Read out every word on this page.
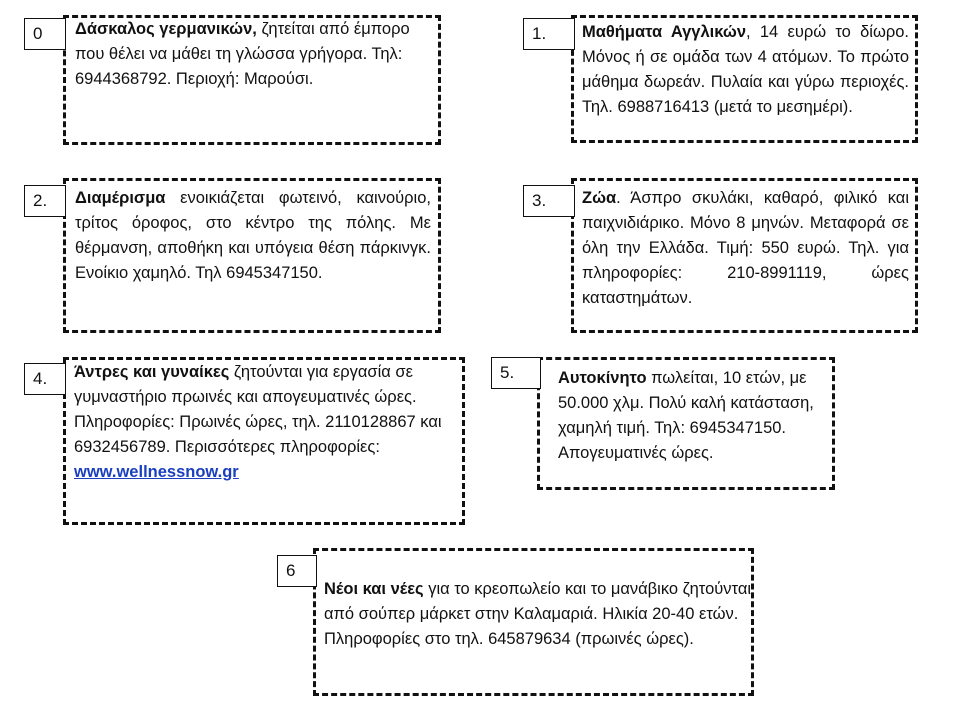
0	Δάσκαλος γερμανικών, ζητείται από έμπορο που θέλει να μάθει τη γλώσσα γρήγορα. Τηλ: 6944368792. Περιοχή: Μαρούσι.

1.	Μαθήματα Αγγλικών, 14 ευρώ το δίωρο. Μόνος ή σε ομάδα των 4 ατόμων. Το πρώτο μάθημα δωρεάν. Πυλαία και γύρω περιοχές. Τηλ. 6988716413 (μετά το μεσημέρι).

2.	Διαμέρισμα ενοικιάζεται φωτεινό, καινούριο, τρίτος όροφος, στο κέντρο της πόλης. Με θέρμανση, αποθήκη και υπόγεια θέση πάρκινγκ. Ενοίκιο χαμηλό. Τηλ 6945347150.

3.	Ζώα. Άσπρο σκυλάκι, καθαρό, φιλικό και παιχνιδιάρικο. Μόνο 8 μηνών. Μεταφορά σε όλη την Ελλάδα. Τιμή: 550 ευρώ. Τηλ. για πληροφορίες: 210-8991119, ώρες καταστημάτων.

4.	Άντρες και γυναίκες ζητούνται για εργασία σε γυμναστήριο πρωινές και απογευματινές ώρες. Πληροφορίες: Πρωινές ώρες, τηλ. 2110128867 και 6932456789. Περισσότερες πληροφορίες:
www.wellnessnow.gr

5.	Αυτοκίνητο πωλείται, 10 ετών, με 50.000 χλμ. Πολύ καλή κατάσταση, χαμηλή τιμή. Τηλ: 6945347150. Απογευματινές ώρες.

6

Νέοι και νέες για το κρεοπωλείο και το μανάβικο ζητούνται από σούπερ μάρκετ στην Καλαμαριά. Ηλικία 20-40 ετών. Πληροφορίες στο τηλ. 645879634 (πρωινές ώρες).
